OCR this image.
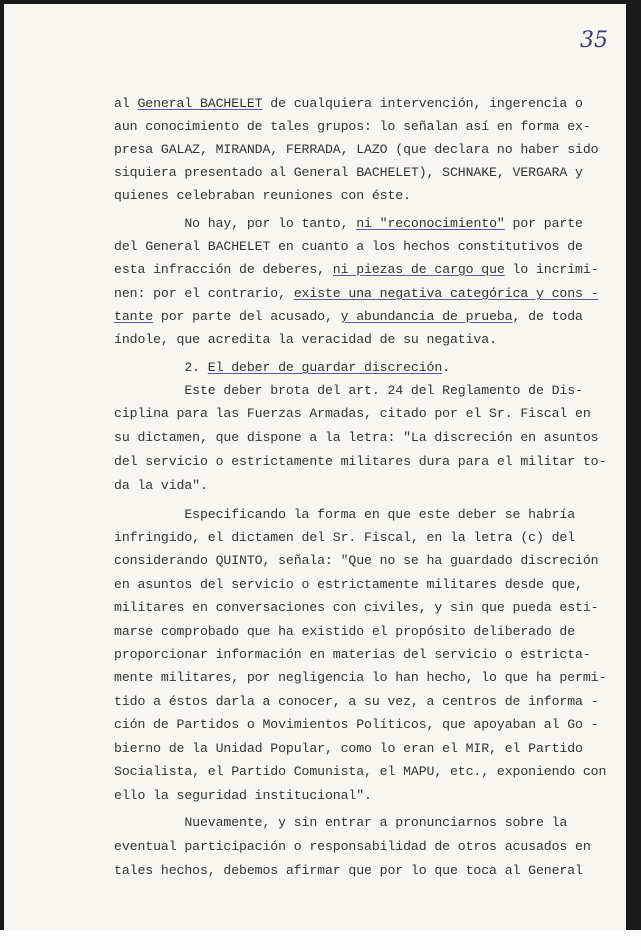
35
al General BACHELET de cualquiera intervención, ingerencia o
aun conocimiento de tales grupos: lo señalan así en forma ex-
presa GALAZ, MIRANDA, FERRADA, LAZO (que declara no haber sido
siquiera presentado al General BACHELET), SCHNAKE, VERGARA y
quienes celebraban reuniones con éste.
No hay, por lo tanto, ni "reconocimiento" por parte
del General BACHELET en cuanto a los hechos constitutivos de
esta infracción de deberes, ni piezas de cargo que lo incrimi-
nen: por el contrario, existe una negativa categórica y cons -
tante por parte del acusado, y abundancia de prueba, de toda
índole, que acredita la veracidad de su negativa.
2. El deber de guardar discreción.
Este deber brota del art. 24 del Reglamento de Dis-
ciplina para las Fuerzas Armadas, citado por el Sr. Fiscal en
su dictamen, que dispone a la letra: "La discreción en asuntos
del servicio o estrictamente militares dura para el militar to-
da la vida".
Especificando la forma en que este deber se habría
infringido, el dictamen del Sr. Fiscal, en la letra (c) del
considerando QUINTO, señala: "Que no se ha guardado discreción
en asuntos del servicio o estrictamente militares desde que,
militares en conversaciones con civiles, y sin que pueda esti-
marse comprobado que ha existido el propósito deliberado de
proporcionar información en materias del servicio o estricta-
mente militares, por negligencia lo han hecho, lo que ha permi-
tido a éstos darla a conocer, a su vez, a centros de informa -
ción de Partidos o Movimientos Políticos, que apoyaban al Go -
bierno de la Unidad Popular, como lo eran el MIR, el Partido
Socialista, el Partido Comunista, el MAPU, etc., exponiendo con
ello la seguridad institucional".
Nuevamente, y sin entrar a pronunciarnos sobre la
eventual participación o responsabilidad de otros acusados en
tales hechos, debemos afirmar que por lo que toca al General
